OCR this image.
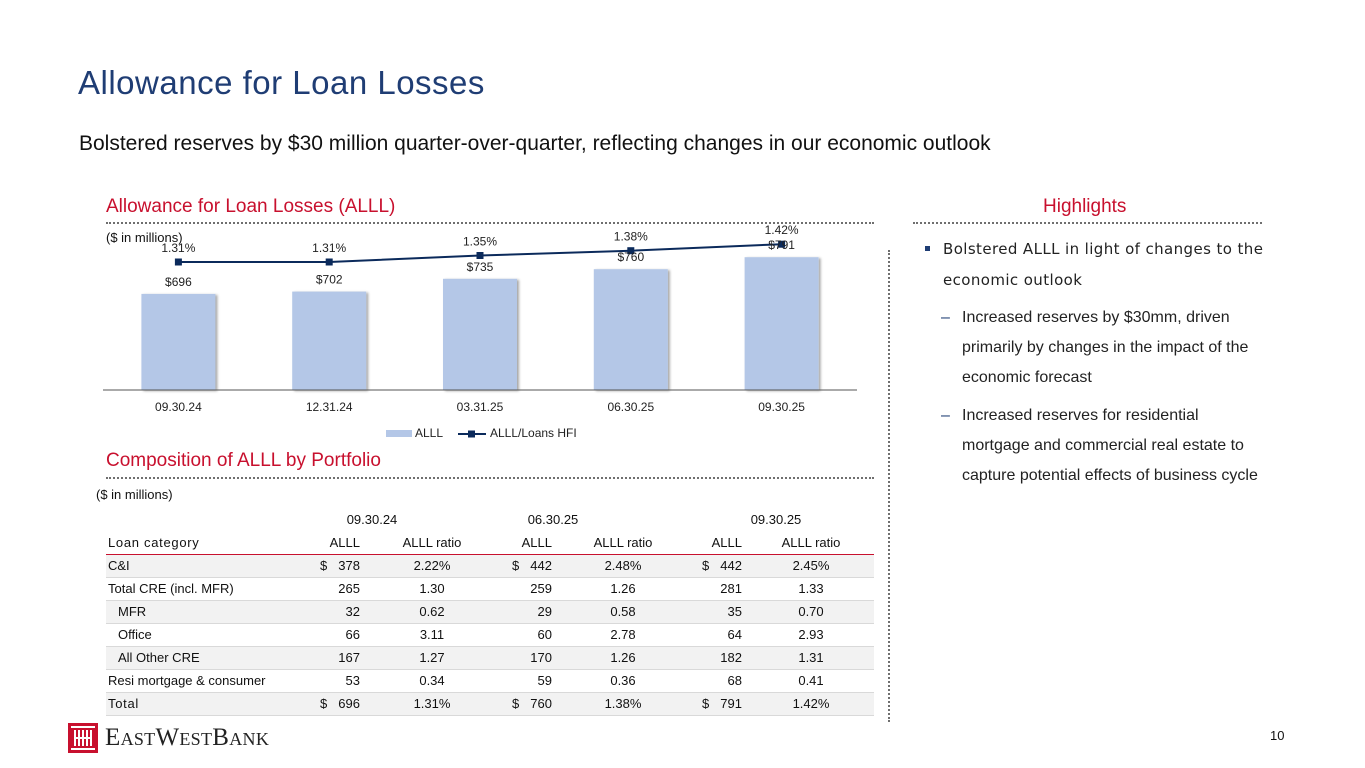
Allowance for Loan Losses
Bolstered reserves by $30 million quarter-over-quarter, reflecting changes in our economic outlook
Allowance for Loan Losses (ALLL)
($ in millions)
$696
09.30.24
$702
12.31.24
$735
03.31.25
$760
06.30.25
$791
09.30.25
1.31%	1.31%	1.35%	1.38%	1.42%
ALLL	ALLL/Loans HFI
Composition of ALLL by Portfolio
($ in millions)
	09.30.24		06.30.25		09.30.25	
Loan category	ALLL	ALLL ratio	ALLL	ALLL ratio	ALLL	ALLL ratio
C&I	$ 378	2.22%	$ 442	2.48%	$ 442	2.45%
Total CRE (incl. MFR)	265	1.30	259	1.26	281	1.33
MFR	32	0.62	29	0.58	35	0.70
Office	66	3.11	60	2.78	64	2.93
All Other CRE	167	1.27	170	1.26	182	1.31
Resi mortgage & consumer	53	0.34	59	0.36	68	0.41
Total	$ 696	1.31%	$ 760	1.38%	$ 791	1.42%
Highlights
Bolstered ALLL in light of changes to the economic outlook
– Increased reserves by $30mm, driven primarily by changes in the impact of the economic forecast
– Increased reserves for residential mortgage and commercial real estate to capture potential effects of business cycle
EastWestBank	10
